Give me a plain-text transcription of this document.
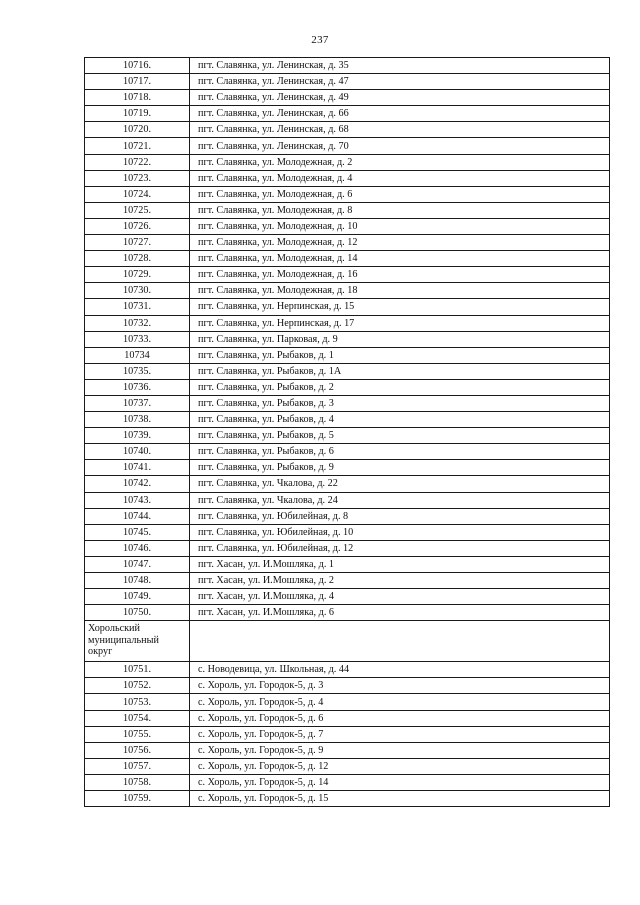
237
10716.	пгт. Славянка, ул. Ленинская, д. 35
10717.	пгт. Славянка, ул. Ленинская, д. 47
10718.	пгт. Славянка, ул. Ленинская, д. 49
10719.	пгт. Славянка, ул. Ленинская, д. 66
10720.	пгт. Славянка, ул. Ленинская, д. 68
10721.	пгт. Славянка, ул. Ленинская, д. 70
10722.	пгт. Славянка, ул. Молодежная, д. 2
10723.	пгт. Славянка, ул. Молодежная, д. 4
10724.	пгт. Славянка, ул. Молодежная, д. 6
10725.	пгт. Славянка, ул. Молодежная, д. 8
10726.	пгт. Славянка, ул. Молодежная, д. 10
10727.	пгт. Славянка, ул. Молодежная, д. 12
10728.	пгт. Славянка, ул. Молодежная, д. 14
10729.	пгт. Славянка, ул. Молодежная, д. 16
10730.	пгт. Славянка, ул. Молодежная, д. 18
10731.	пгт. Славянка, ул. Нерпинская, д. 15
10732.	пгт. Славянка, ул. Нерпинская, д. 17
10733.	пгт. Славянка, ул. Парковая, д. 9
10734	пгт. Славянка, ул. Рыбаков, д. 1
10735.	пгт. Славянка, ул. Рыбаков, д. 1А
10736.	пгт. Славянка, ул. Рыбаков, д. 2
10737.	пгт. Славянка, ул. Рыбаков, д. 3
10738.	пгт. Славянка, ул. Рыбаков, д. 4
10739.	пгт. Славянка, ул. Рыбаков, д. 5
10740.	пгт. Славянка, ул. Рыбаков, д. 6
10741.	пгт. Славянка, ул. Рыбаков, д. 9
10742.	пгт. Славянка, ул. Чкалова, д. 22
10743.	пгт. Славянка, ул. Чкалова, д. 24
10744.	пгт. Славянка, ул. Юбилейная, д. 8
10745.	пгт. Славянка, ул. Юбилейная, д. 10
10746.	пгт. Славянка, ул. Юбилейная, д. 12
10747.	пгт. Хасан, ул. И.Мошляка, д. 1
10748.	пгт. Хасан, ул. И.Мошляка, д. 2
10749.	пгт. Хасан, ул. И.Мошляка, д. 4
10750.	пгт. Хасан, ул. И.Мошляка, д. 6
Хорольский муниципальный округ	
10751.	с. Новодевица, ул. Школьная, д. 44
10752.	с. Хороль, ул. Городок-5, д. 3
10753.	с. Хороль, ул. Городок-5, д. 4
10754.	с. Хороль, ул. Городок-5, д. 6
10755.	с. Хороль, ул. Городок-5, д. 7
10756.	с. Хороль, ул. Городок-5, д. 9
10757.	с. Хороль, ул. Городок-5, д. 12
10758.	с. Хороль, ул. Городок-5, д. 14
10759.	с. Хороль, ул. Городок-5, д. 15
